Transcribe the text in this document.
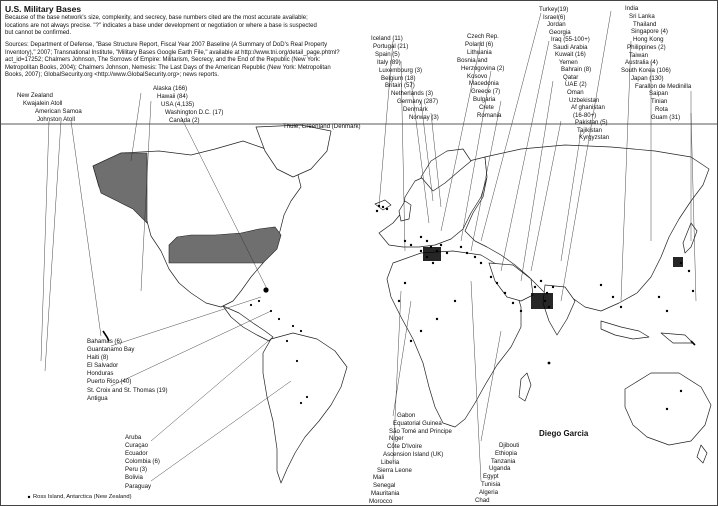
U.S. Military Bases
Because of the base network's size, complexity, and secrecy, base numbers cited are the most accurate available; locations are not always precise. "?" indicates a base under development or negotiation or where a base is suspected but cannot be confirmed.
Sources: Department of Defense, "Base Structure Report, Fiscal Year 2007 Baseline (A Summary of DoD's Real Property Inventory)," 2007; Transnational Institute, "Military Bases Google Earth File," available at http://www.tni.org/detail_page.phtml?act_id=17252; Chalmers Johnson, The Sorrows of Empire: Militarism, Secrecy, and the End of the Republic (New York: Metropolitan Books, 2004); Chalmers Johnson, Nemesis: The Last Days of the American Republic (New York: Metropolitan Books, 2007); GlobalSecurity.org <http://www.GlobalSecurity.org>; news reports.
New Zealand
Kwajalein Atoll
American Samoa
Johnston Atoll
Alaska (166)
Hawaii (84)
USA (4,135)
Washington D.C. (17)
Canada (2)
Thule, Greenland (Denmark)
Iceland (11)
Portugal (21)
Spain (5)
Italy (89)
Luxembourg (3)
Belgium (18)
Britain (57)
Netherlands (3)
Germany (287)
Denmark
Norway (3)
Czech Rep.
Poland (6)
Lithuania
Bosnia and
Herzogovina (2)
Kosovo
Macedonia
Greece (7)
Bulgaria
Crete
Romania
Turkey(19)
Israel(6)
Jordan
Georgia
Iraq (55-100+)
Saudi Arabia
Kuwait (16)
Yemen
Bahrain (8)
Qatar
UAE (2)
Oman
Uzbekistan
Af ghanistan
(16-80+)
Pakistan (5)
Tajikistan
Kyrgyzstan
India
Sri Lanka
Thailand
Singapore (4)
Hong Kong
Philippines (2)
Taiwan
Australia (4)
South Korea (106)
Japan (130)
Farallon de Medinilla
Saipan
Tinian
Rota
Guam (31)
Bahamas (6)
Guantanamo Bay
Haiti (8)
El Salvador
Honduras
Puerto Rico (40)
St. Croix and St. Thomas (19)
Antigua
Aruba
Curaçao
Ecuador
Colombia (6)
Peru (3)
Bolivia
Paraguay
Gabon
Equatorial Guinea
São Tomé and Principe
Niger
Côte D'Ivoire
Ascension Island (UK)
Liberia
Sierra Leone
Mali
Senegal
Mauritania
Morocco
Djibouti
Ethiopia
Tanzania
Uganda
Egypt
Tunisia
Algeria
Chad
Diego Garcia
Ross Island, Antarctica (New Zealand)
